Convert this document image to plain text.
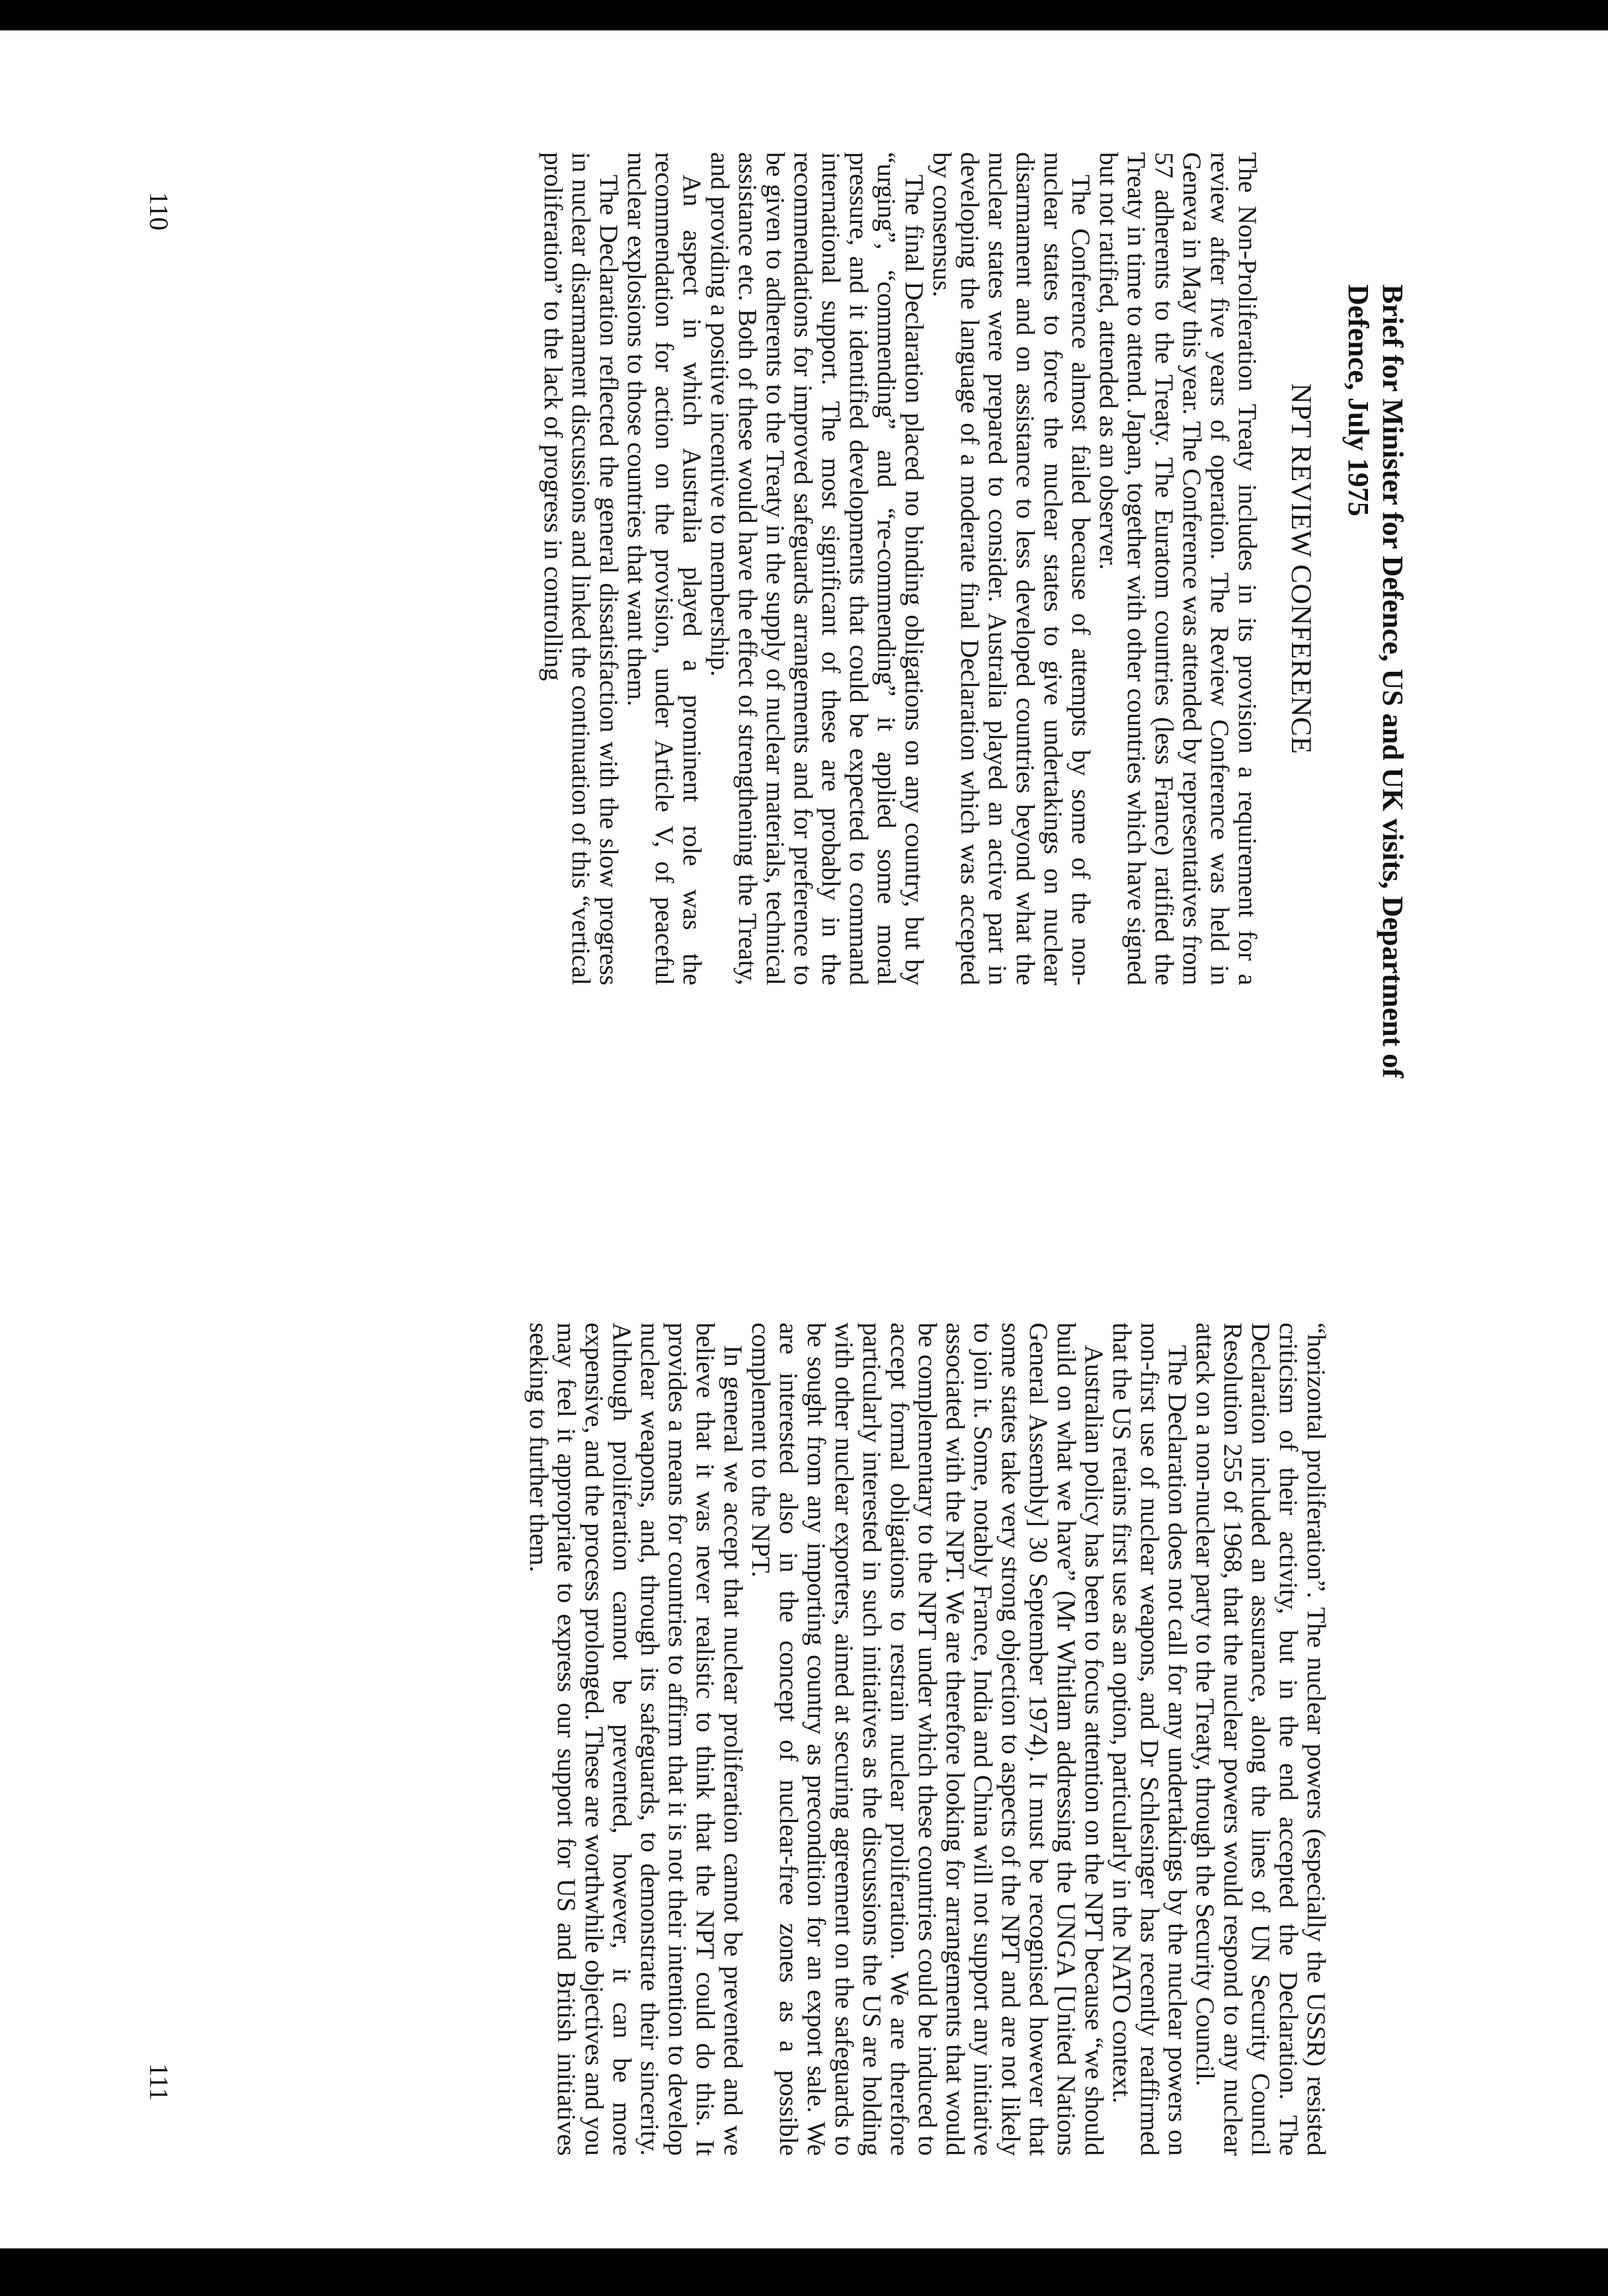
Brief for Minister for Defence, US and UK visits, Department of Defence, July 1975

NPT REVIEW CONFERENCE

The Non-Proliferation Treaty includes in its provision a requirement for a review after five years of operation. The Review Conference was held in Geneva in May this year. The Conference was attended by representatives from 57 adherents to the Treaty. The Euratom countries (less France) ratified the Treaty in time to attend. Japan, together with other countries which have signed but not ratified, attended as an observer.

The Conference almost failed because of attempts by some of the non-nuclear states to force the nuclear states to give undertakings on nuclear disarmament and on assistance to less developed countries beyond what the nuclear states were prepared to consider. Australia played an active part in developing the language of a moderate final Declaration which was accepted by consensus.

The final Declaration placed no binding obligations on any country, but by “urging”, “commending” and “re-commending” it applied some moral pressure, and it identified developments that could be expected to command international support. The most significant of these are probably in the recommendations for improved safeguards arrangements and for preference to be given to adherents to the Treaty in the supply of nuclear materials, technical assistance etc. Both of these would have the effect of strengthening the Treaty, and providing a positive incentive to membership.

An aspect in which Australia played a prominent role was the recommendation for action on the provision, under Article V, of peaceful nuclear explosions to those countries that want them.

The Declaration reflected the general dissatisfaction with the slow progress in nuclear disarmament discussions and linked the continuation of this “vertical proliferation” to the lack of progress in controlling

110

“horizontal proliferation”. The nuclear powers (especially the USSR) resisted criticism of their activity, but in the end accepted the Declaration. The Declaration included an assurance, along the lines of UN Security Council Resolution 255 of 1968, that the nuclear powers would respond to any nuclear attack on a non-nuclear party to the Treaty, through the Security Council.

The Declaration does not call for any undertakings by the nuclear powers on non-first use of nuclear weapons, and Dr Schlesinger has recently reaffirmed that the US retains first use as an option, particularly in the NATO context.

Australian policy has been to focus attention on the NPT because “we should build on what we have” (Mr Whitlam addressing the UNGA [United Nations General Assembly] 30 September 1974). It must be recognised however that some states take very strong objection to aspects of the NPT and are not likely to join it. Some, notably France, India and China will not support any initiative associated with the NPT. We are therefore looking for arrangements that would be complementary to the NPT under which these countries could be induced to accept formal obligations to restrain nuclear proliferation. We are therefore particularly interested in such initiatives as the discussions the US are holding with other nuclear exporters, aimed at securing agreement on the safeguards to be sought from any importing country as precondition for an export sale. We are interested also in the concept of nuclear-free zones as a possible complement to the NPT.

In general we accept that nuclear proliferation cannot be prevented and we believe that it was never realistic to think that the NPT could do this. It provides a means for countries to affirm that it is not their intention to develop nuclear weapons, and, through its safeguards, to demonstrate their sincerity. Although proliferation cannot be prevented, however, it can be more expensive, and the process prolonged. These are worthwhile objectives and you may feel it appropriate to express our support for US and British initiatives seeking to further them.

111
